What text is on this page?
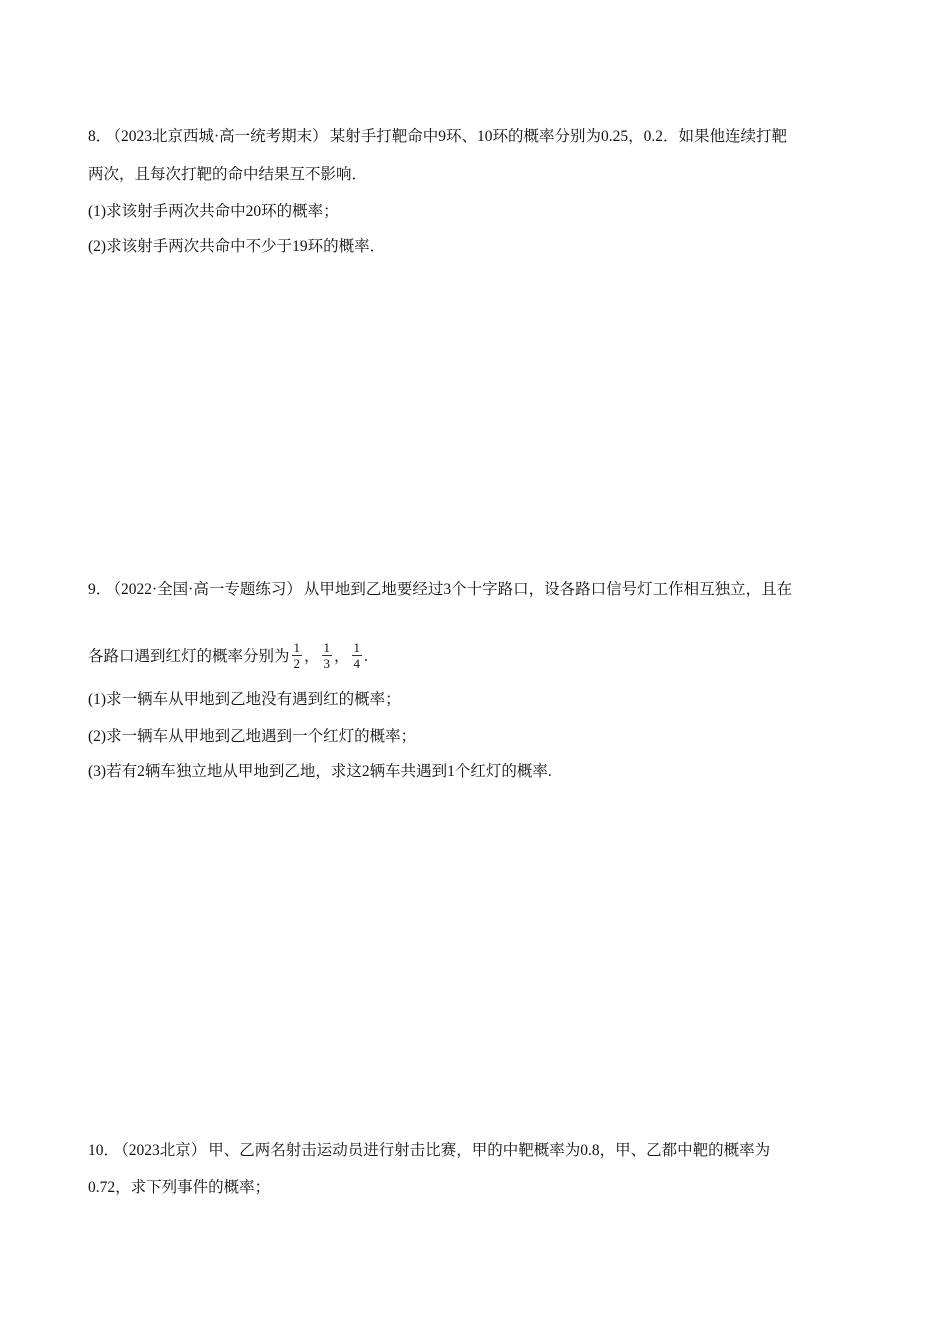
8． （2023北京西城·高一统考期末） 某射手打靶命中9环、10环的概率分别为0.25，0.2．如果他连续打靶
两次，且每次打靶的命中结果互不影响．
(1)求该射手两次共命中20环的概率；
(2)求该射手两次共命中不少于19环的概率．
9． （2022·全国·高一专题练习） 从甲地到乙地要经过3个十字路口，设各路口信号灯工作相互独立，且在
各路口遇到红灯的概率分别为 $\frac{1}{2}$ ， $\frac{1}{3}$ ， $\frac{1}{4}$ .
(1)求一辆车从甲地到乙地没有遇到红的概率；
(2)求一辆车从甲地到乙地遇到一个红灯的概率；
(3)若有2辆车独立地从甲地到乙地，求这2辆车共遇到1个红灯的概率.
10． （2023北京） 甲、乙两名射击运动员进行射击比赛，甲的中靶概率为0.8，甲、乙都中靶的概率为
0.72，求下列事件的概率；
